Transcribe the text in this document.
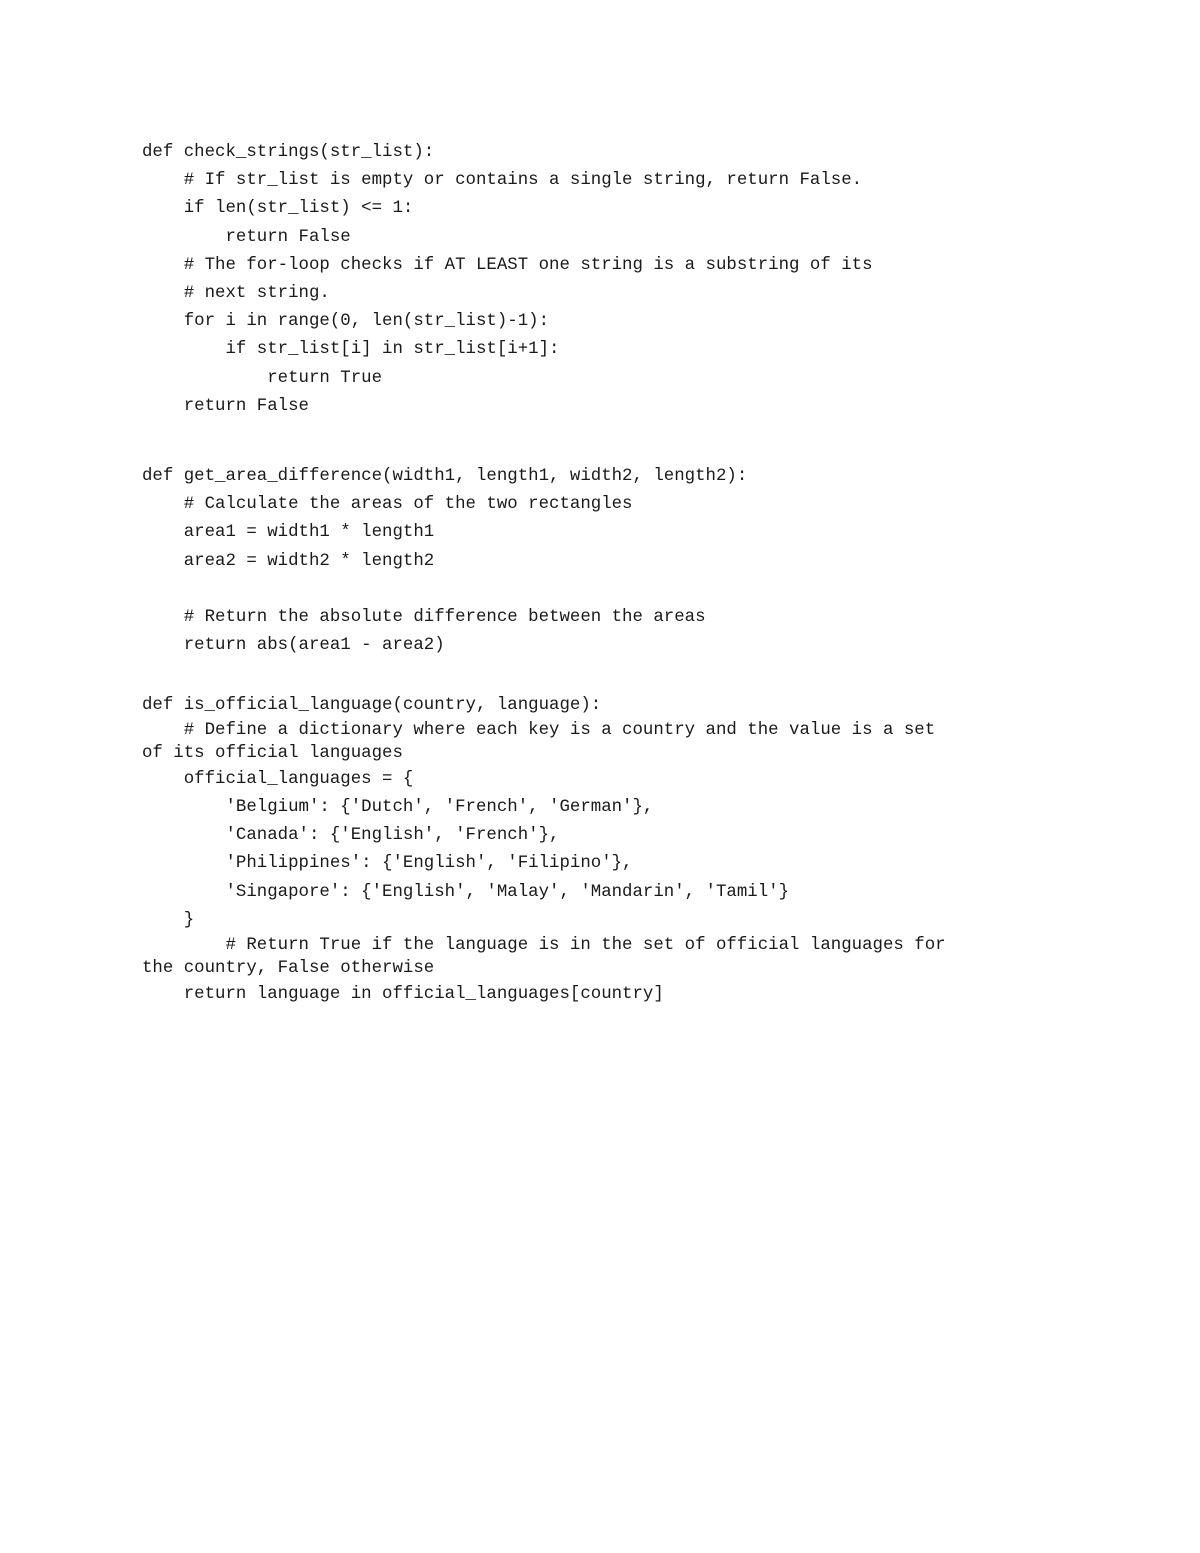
def check_strings(str_list):
# If str_list is empty or contains a single string, return False.
if len(str_list) <= 1:
return False
# The for-loop checks if AT LEAST one string is a substring of its
# next string.
for i in range(0, len(str_list)-1):
if str_list[i] in str_list[i+1]:
return True
return False
def get_area_difference(width1, length1, width2, length2):
# Calculate the areas of the two rectangles
area1 = width1 * length1
area2 = width2 * length2
# Return the absolute difference between the areas
return abs(area1 - area2)
def is_official_language(country, language):
# Define a dictionary where each key is a country and the value is a set
of its official languages
official_languages = {
'Belgium': {'Dutch', 'French', 'German'},
'Canada': {'English', 'French'},
'Philippines': {'English', 'Filipino'},
'Singapore': {'English', 'Malay', 'Mandarin', 'Tamil'}
}
# Return True if the language is in the set of official languages for
the country, False otherwise
return language in official_languages[country]
